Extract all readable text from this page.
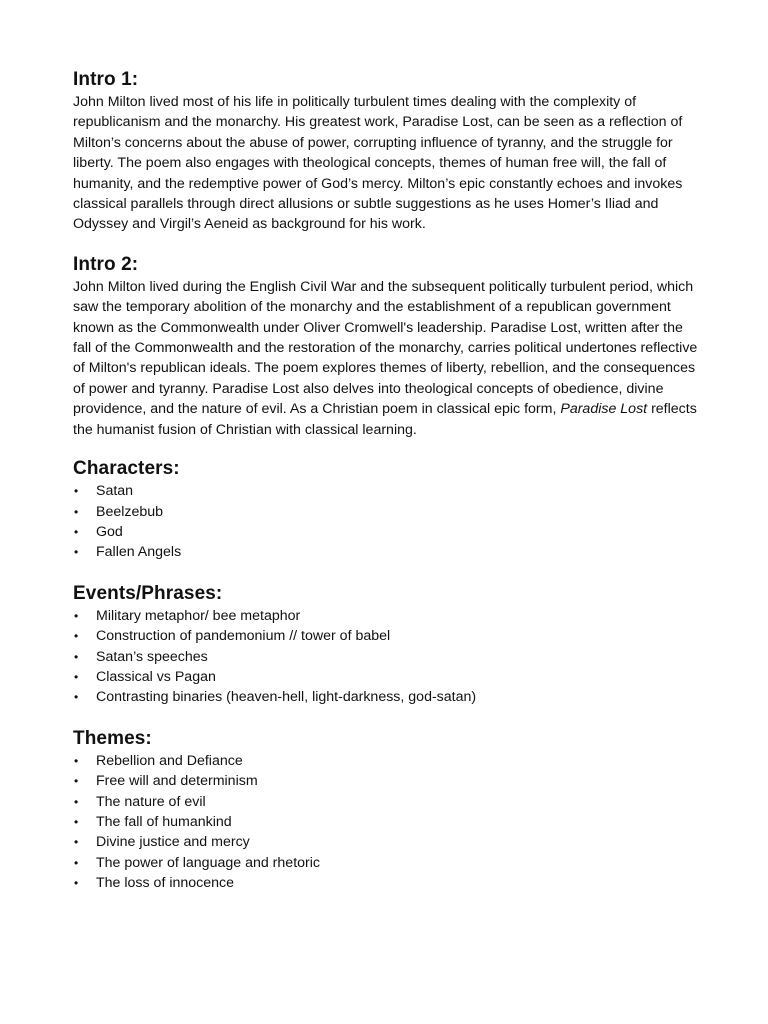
Intro 1:

John Milton lived most of his life in politically turbulent times dealing with the complexity of republicanism and the monarchy. His greatest work, Paradise Lost, can be seen as a reflection of Milton’s concerns about the abuse of power, corrupting influence of tyranny, and the struggle for liberty. The poem also engages with theological concepts, themes of human free will, the fall of humanity, and the redemptive power of God’s mercy. Milton’s epic constantly echoes and invokes classical parallels through direct allusions or subtle suggestions as he uses Homer’s Iliad and Odyssey and Virgil’s Aeneid as background for his work.

Intro 2:

John Milton lived during the English Civil War and the subsequent politically turbulent period, which saw the temporary abolition of the monarchy and the establishment of a republican government known as the Commonwealth under Oliver Cromwell's leadership. Paradise Lost, written after the fall of the Commonwealth and the restoration of the monarchy, carries political undertones reflective of Milton's republican ideals. The poem explores themes of liberty, rebellion, and the consequences of power and tyranny. Paradise Lost also delves into theological concepts of obedience, divine providence, and the nature of evil. As a Christian poem in classical epic form, Paradise Lost reflects the humanist fusion of Christian with classical learning.

Characters:
• Satan
• Beelzebub
• God
• Fallen Angels
Events/Phrases:
• Military metaphor/ bee metaphor
• Construction of pandemonium // tower of babel
• Satan’s speeches
• Classical vs Pagan
• Contrasting binaries (heaven-hell, light-darkness, god-satan)
Themes:
• Rebellion and Defiance
• Free will and determinism
• The nature of evil
• The fall of humankind
• Divine justice and mercy
• The power of language and rhetoric
• The loss of innocence
